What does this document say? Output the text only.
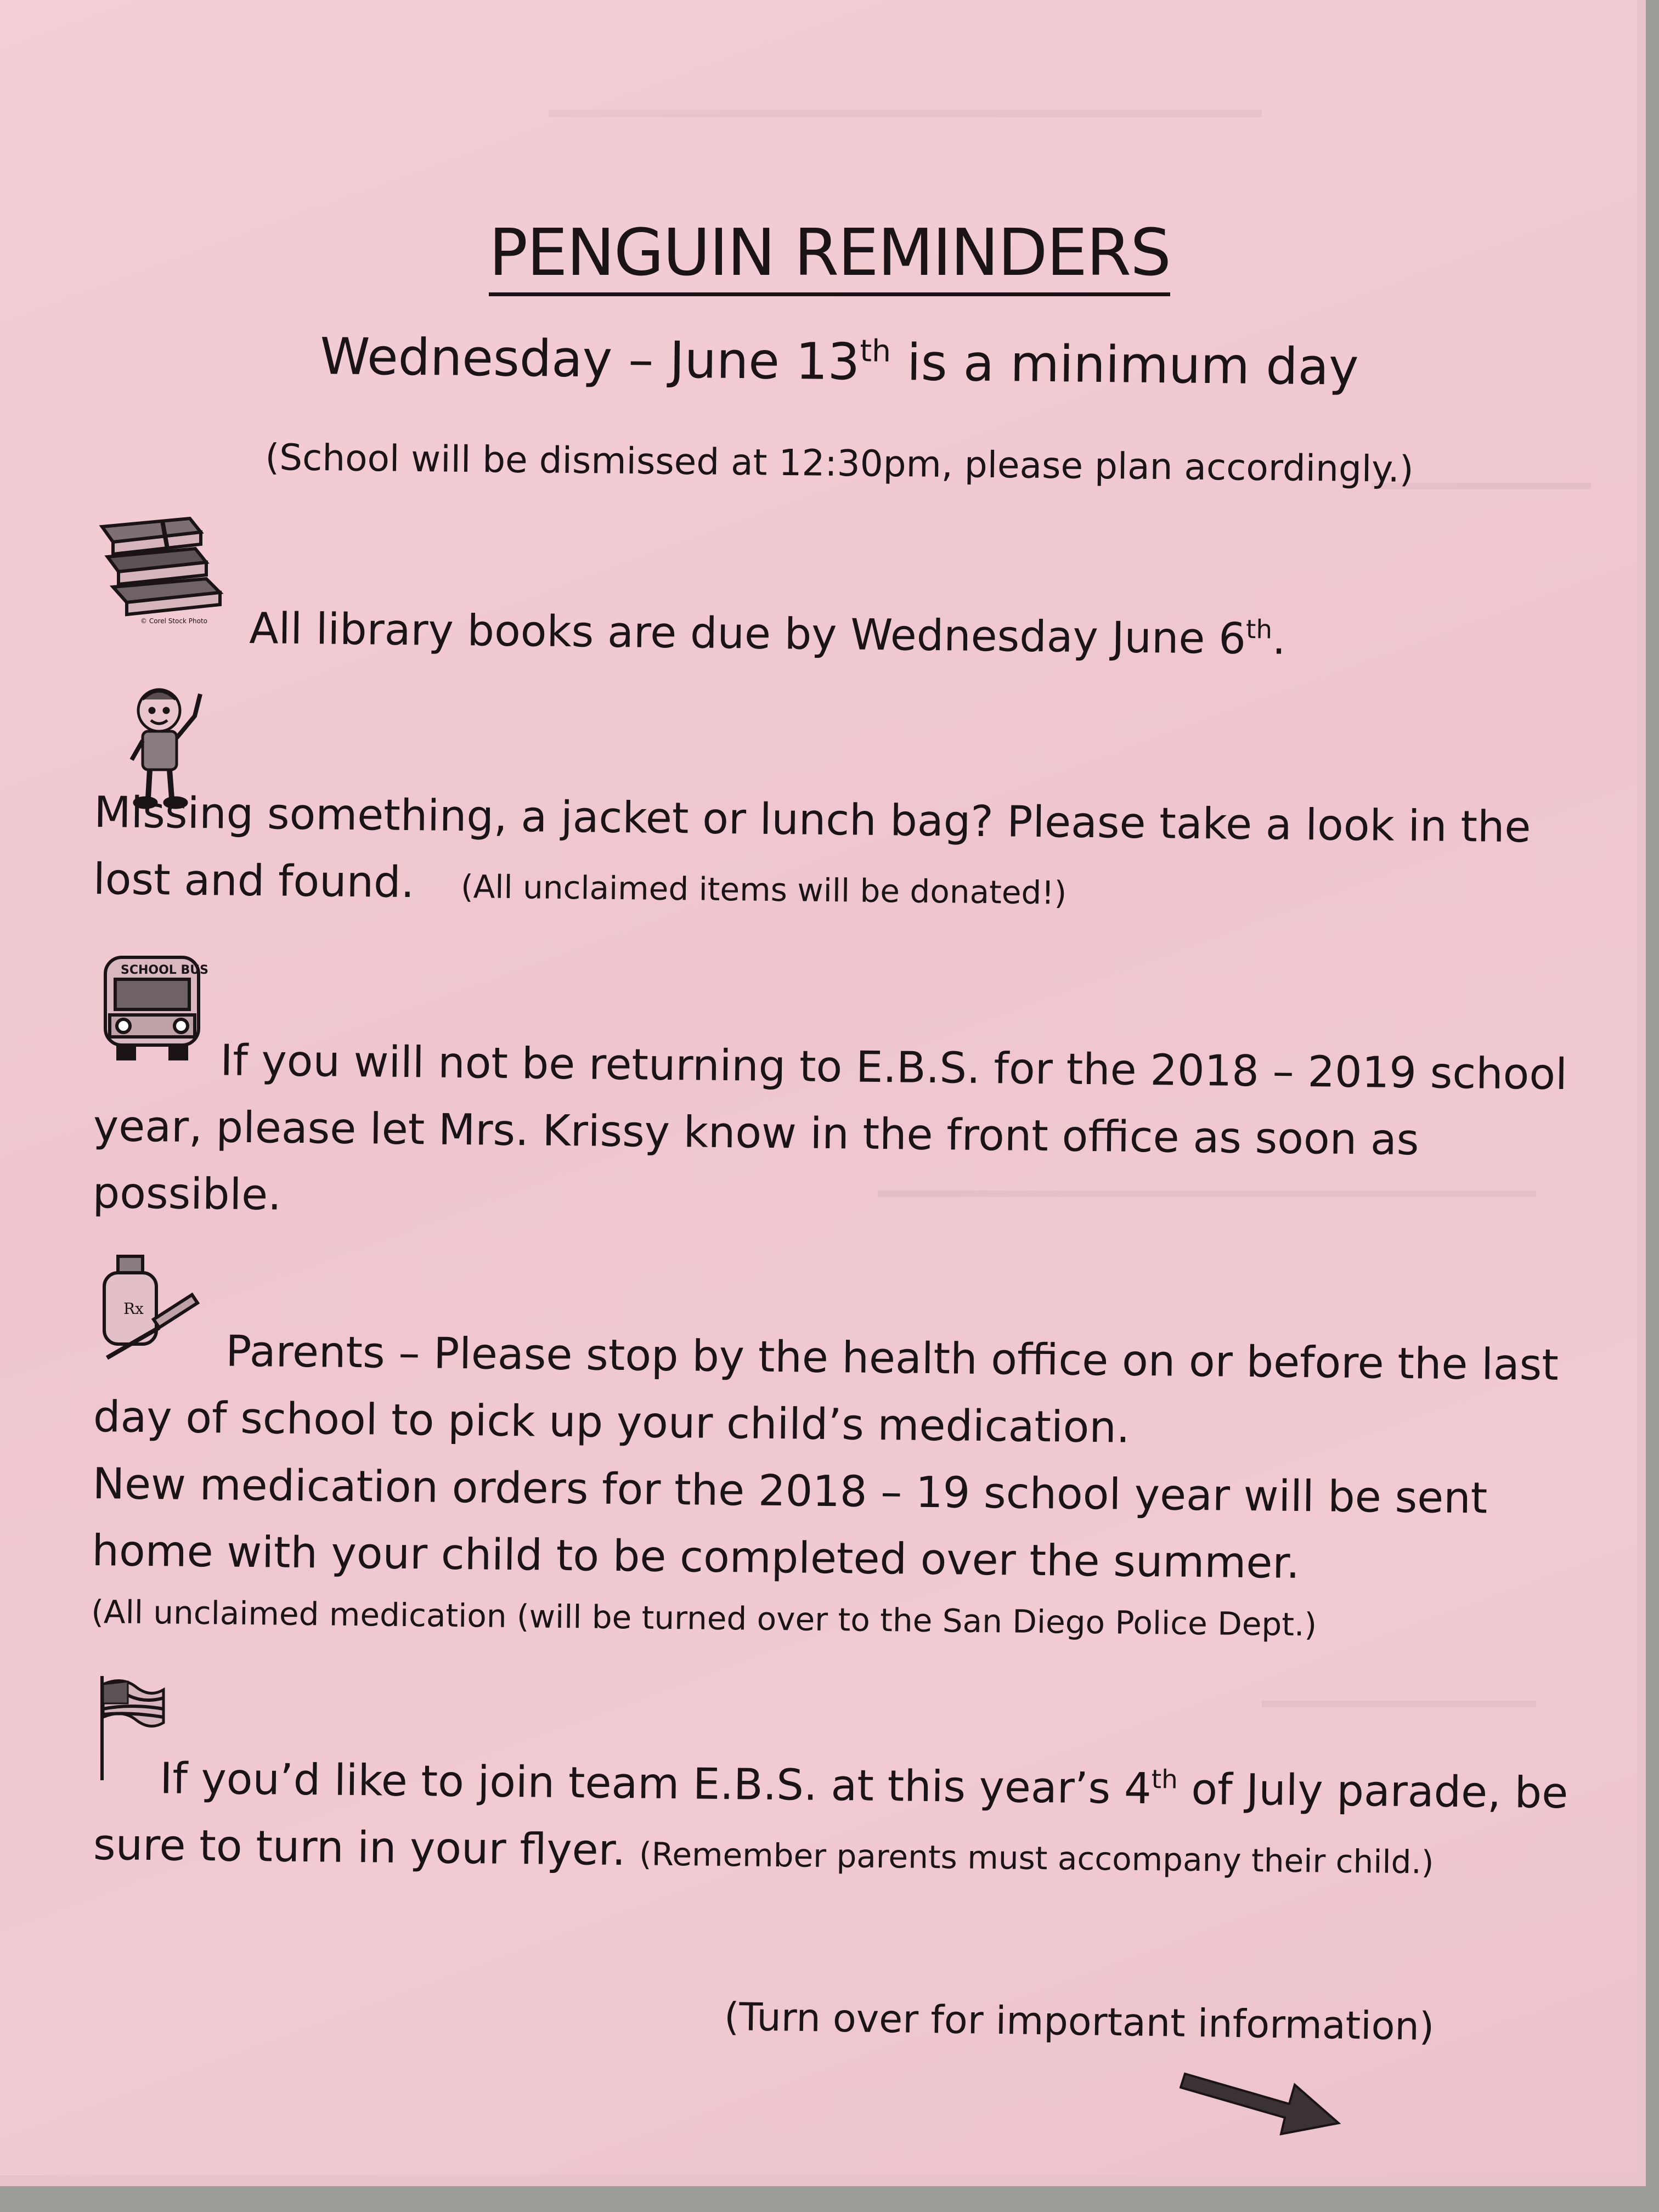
PENGUIN REMINDERS
Wednesday – June 13th is a minimum day
(School will be dismissed at 12:30pm, please plan accordingly.)
© Corel Stock Photo All library books are due by Wednesday June 6th.
Missing something, a jacket or lunch bag? Please take a look in the lost and found. (All unclaimed items will be donated!)
SCHOOL BUS
If you will not be returning to E.B.S. for the 2018 – 2019 school year, please let Mrs. Krissy know in the front office as soon as possible.
Rx
Parents – Please stop by the health office on or before the last day of school to pick up your child’s medication.
New medication orders for the 2018 – 19 school year will be sent home with your child to be completed over the summer.
(All unclaimed medication (will be turned over to the San Diego Police Dept.)
If you’d like to join team E.B.S. at this year’s 4th of July parade, be sure to turn in your flyer. (Remember parents must accompany their child.)
(Turn over for important information)
